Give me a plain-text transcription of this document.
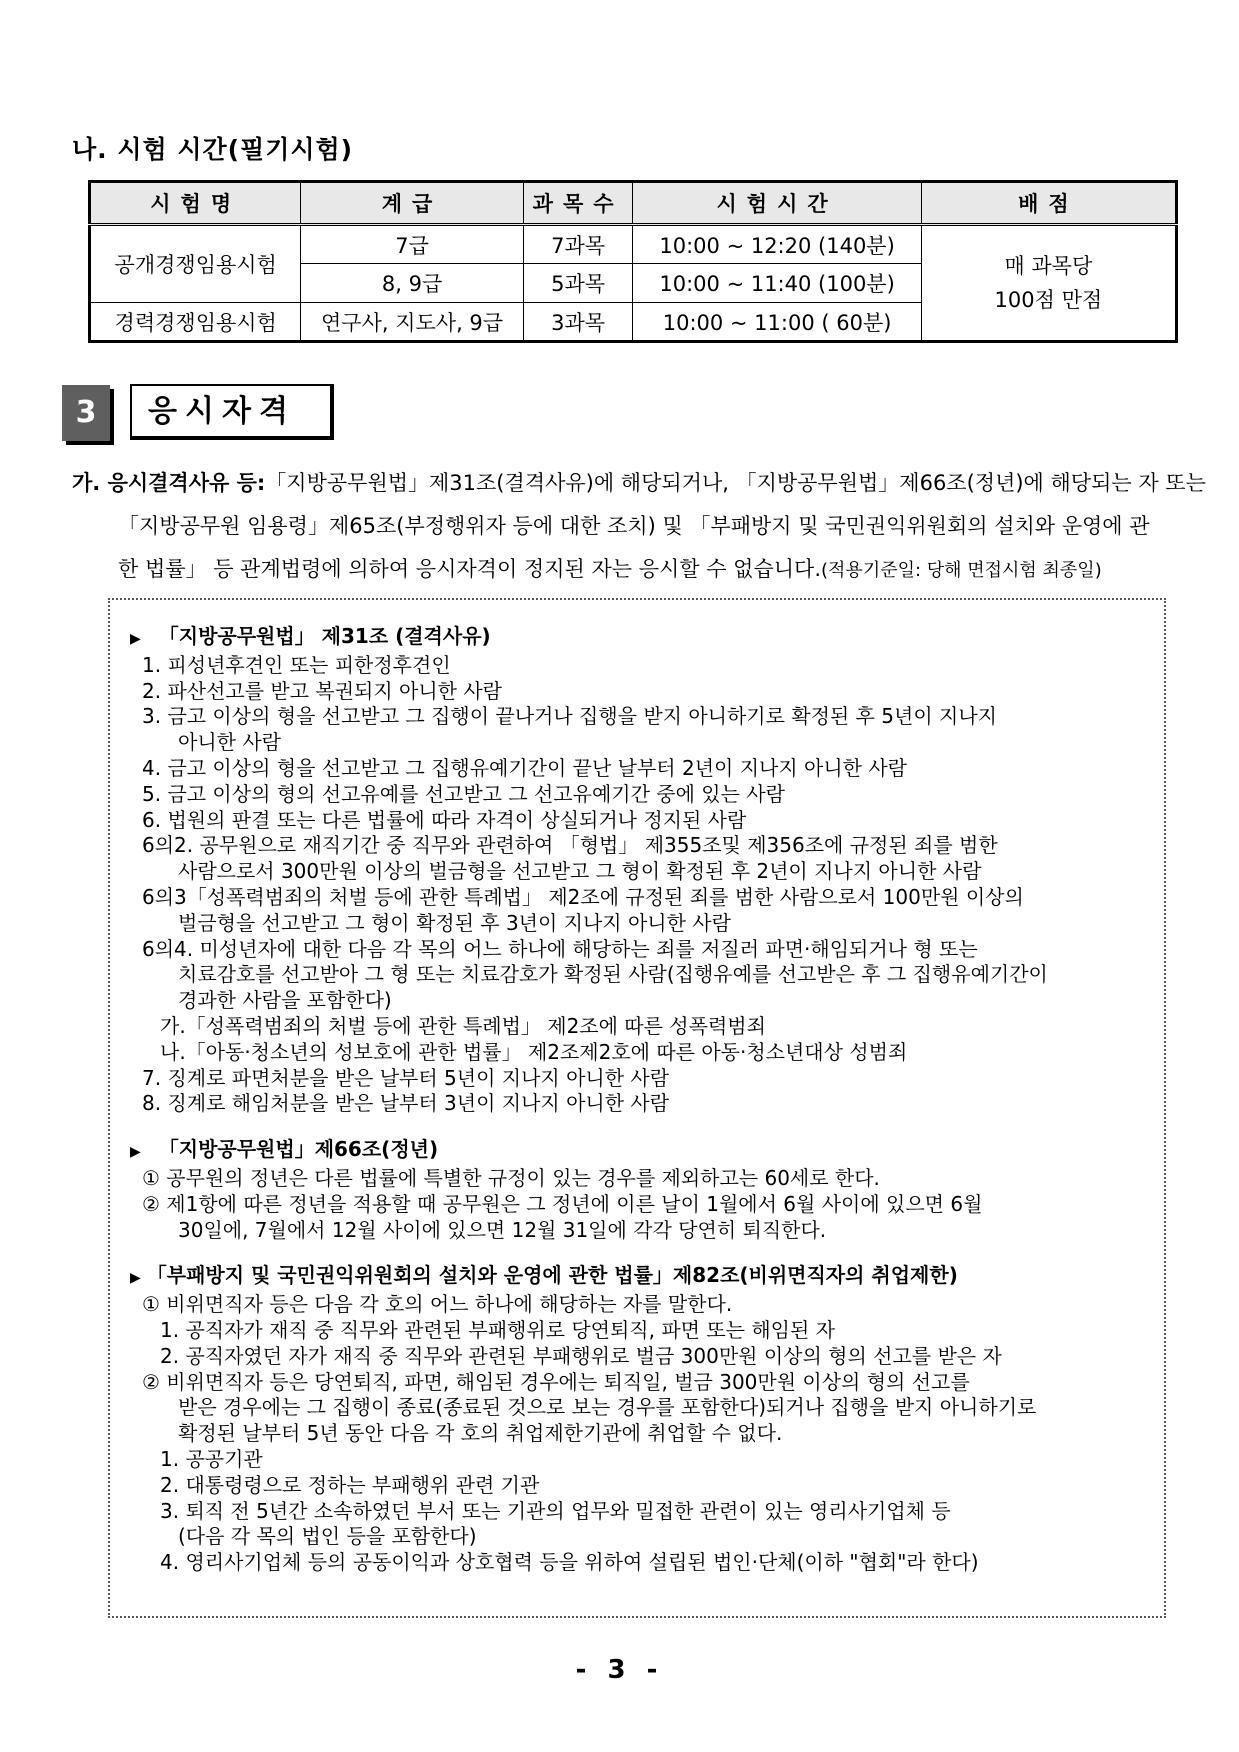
나. 시험 시간(필기시험)
시험명	계급	과목수	시험시간	배점
공개경쟁임용시험	7급	7과목	10:00 ~ 12:20 (140분)	매 과목당
100점 만점
	8, 9급	5과목	10:00 ~ 11:40 (100분)	
경력경쟁임용시험	연구사, 지도사, 9급	3과목	10:00 ~ 11:00 ( 60분)	
3	응시자격
가. 응시결격사유 등:「지방공무원법」제31조(결격사유)에 해당되거나, 「지방공무원법」제66조(정년)에 해당되는 자 또는
「지방공무원 임용령」제65조(부정행위자 등에 대한 조치) 및 「부패방지 및 국민권익위원회의 설치와 운영에 관
한 법률」 등 관계법령에 의하여 응시자격이 정지된 자는 응시할 수 없습니다.(적용기준일: 당해 면접시험 최종일)
▶ 「지방공무원법」 제31조 (결격사유)
1. 피성년후견인 또는 피한정후견인
2. 파산선고를 받고 복권되지 아니한 사람
3. 금고 이상의 형을 선고받고 그 집행이 끝나거나 집행을 받지 아니하기로 확정된 후 5년이 지나지
아니한 사람
4. 금고 이상의 형을 선고받고 그 집행유예기간이 끝난 날부터 2년이 지나지 아니한 사람
5. 금고 이상의 형의 선고유예를 선고받고 그 선고유예기간 중에 있는 사람
6. 법원의 판결 또는 다른 법률에 따라 자격이 상실되거나 정지된 사람
6의2. 공무원으로 재직기간 중 직무와 관련하여 「형법」 제355조및 제356조에 규정된 죄를 범한
사람으로서 300만원 이상의 벌금형을 선고받고 그 형이 확정된 후 2년이 지나지 아니한 사람
6의3「성폭력범죄의 처벌 등에 관한 특례법」 제2조에 규정된 죄를 범한 사람으로서 100만원 이상의
벌금형을 선고받고 그 형이 확정된 후 3년이 지나지 아니한 사람
6의4. 미성년자에 대한 다음 각 목의 어느 하나에 해당하는 죄를 저질러 파면·해임되거나 형 또는
치료감호를 선고받아 그 형 또는 치료감호가 확정된 사람(집행유예를 선고받은 후 그 집행유예기간이
경과한 사람을 포함한다)
가.「성폭력범죄의 처벌 등에 관한 특례법」 제2조에 따른 성폭력범죄
나.「아동·청소년의 성보호에 관한 법률」 제2조제2호에 따른 아동·청소년대상 성범죄
7. 징계로 파면처분을 받은 날부터 5년이 지나지 아니한 사람
8. 징계로 해임처분을 받은 날부터 3년이 지나지 아니한 사람
▶ 「지방공무원법」제66조(정년)
① 공무원의 정년은 다른 법률에 특별한 규정이 있는 경우를 제외하고는 60세로 한다.
② 제1항에 따른 정년을 적용할 때 공무원은 그 정년에 이른 날이 1월에서 6월 사이에 있으면 6월
30일에, 7월에서 12월 사이에 있으면 12월 31일에 각각 당연히 퇴직한다.
▶ 「부패방지 및 국민권익위원회의 설치와 운영에 관한 법률」제82조(비위면직자의 취업제한)
① 비위면직자 등은 다음 각 호의 어느 하나에 해당하는 자를 말한다.
1. 공직자가 재직 중 직무와 관련된 부패행위로 당연퇴직, 파면 또는 해임된 자
2. 공직자였던 자가 재직 중 직무와 관련된 부패행위로 벌금 300만원 이상의 형의 선고를 받은 자
② 비위면직자 등은 당연퇴직, 파면, 해임된 경우에는 퇴직일, 벌금 300만원 이상의 형의 선고를
받은 경우에는 그 집행이 종료(종료된 것으로 보는 경우를 포함한다)되거나 집행을 받지 아니하기로
확정된 날부터 5년 동안 다음 각 호의 취업제한기관에 취업할 수 없다.
1. 공공기관
2. 대통령령으로 정하는 부패행위 관련 기관
3. 퇴직 전 5년간 소속하였던 부서 또는 기관의 업무와 밀접한 관련이 있는 영리사기업체 등
(다음 각 목의 법인 등을 포함한다)
4. 영리사기업체 등의 공동이익과 상호협력 등을 위하여 설립된 법인·단체(이하 "협회"라 한다)
- 3 -
